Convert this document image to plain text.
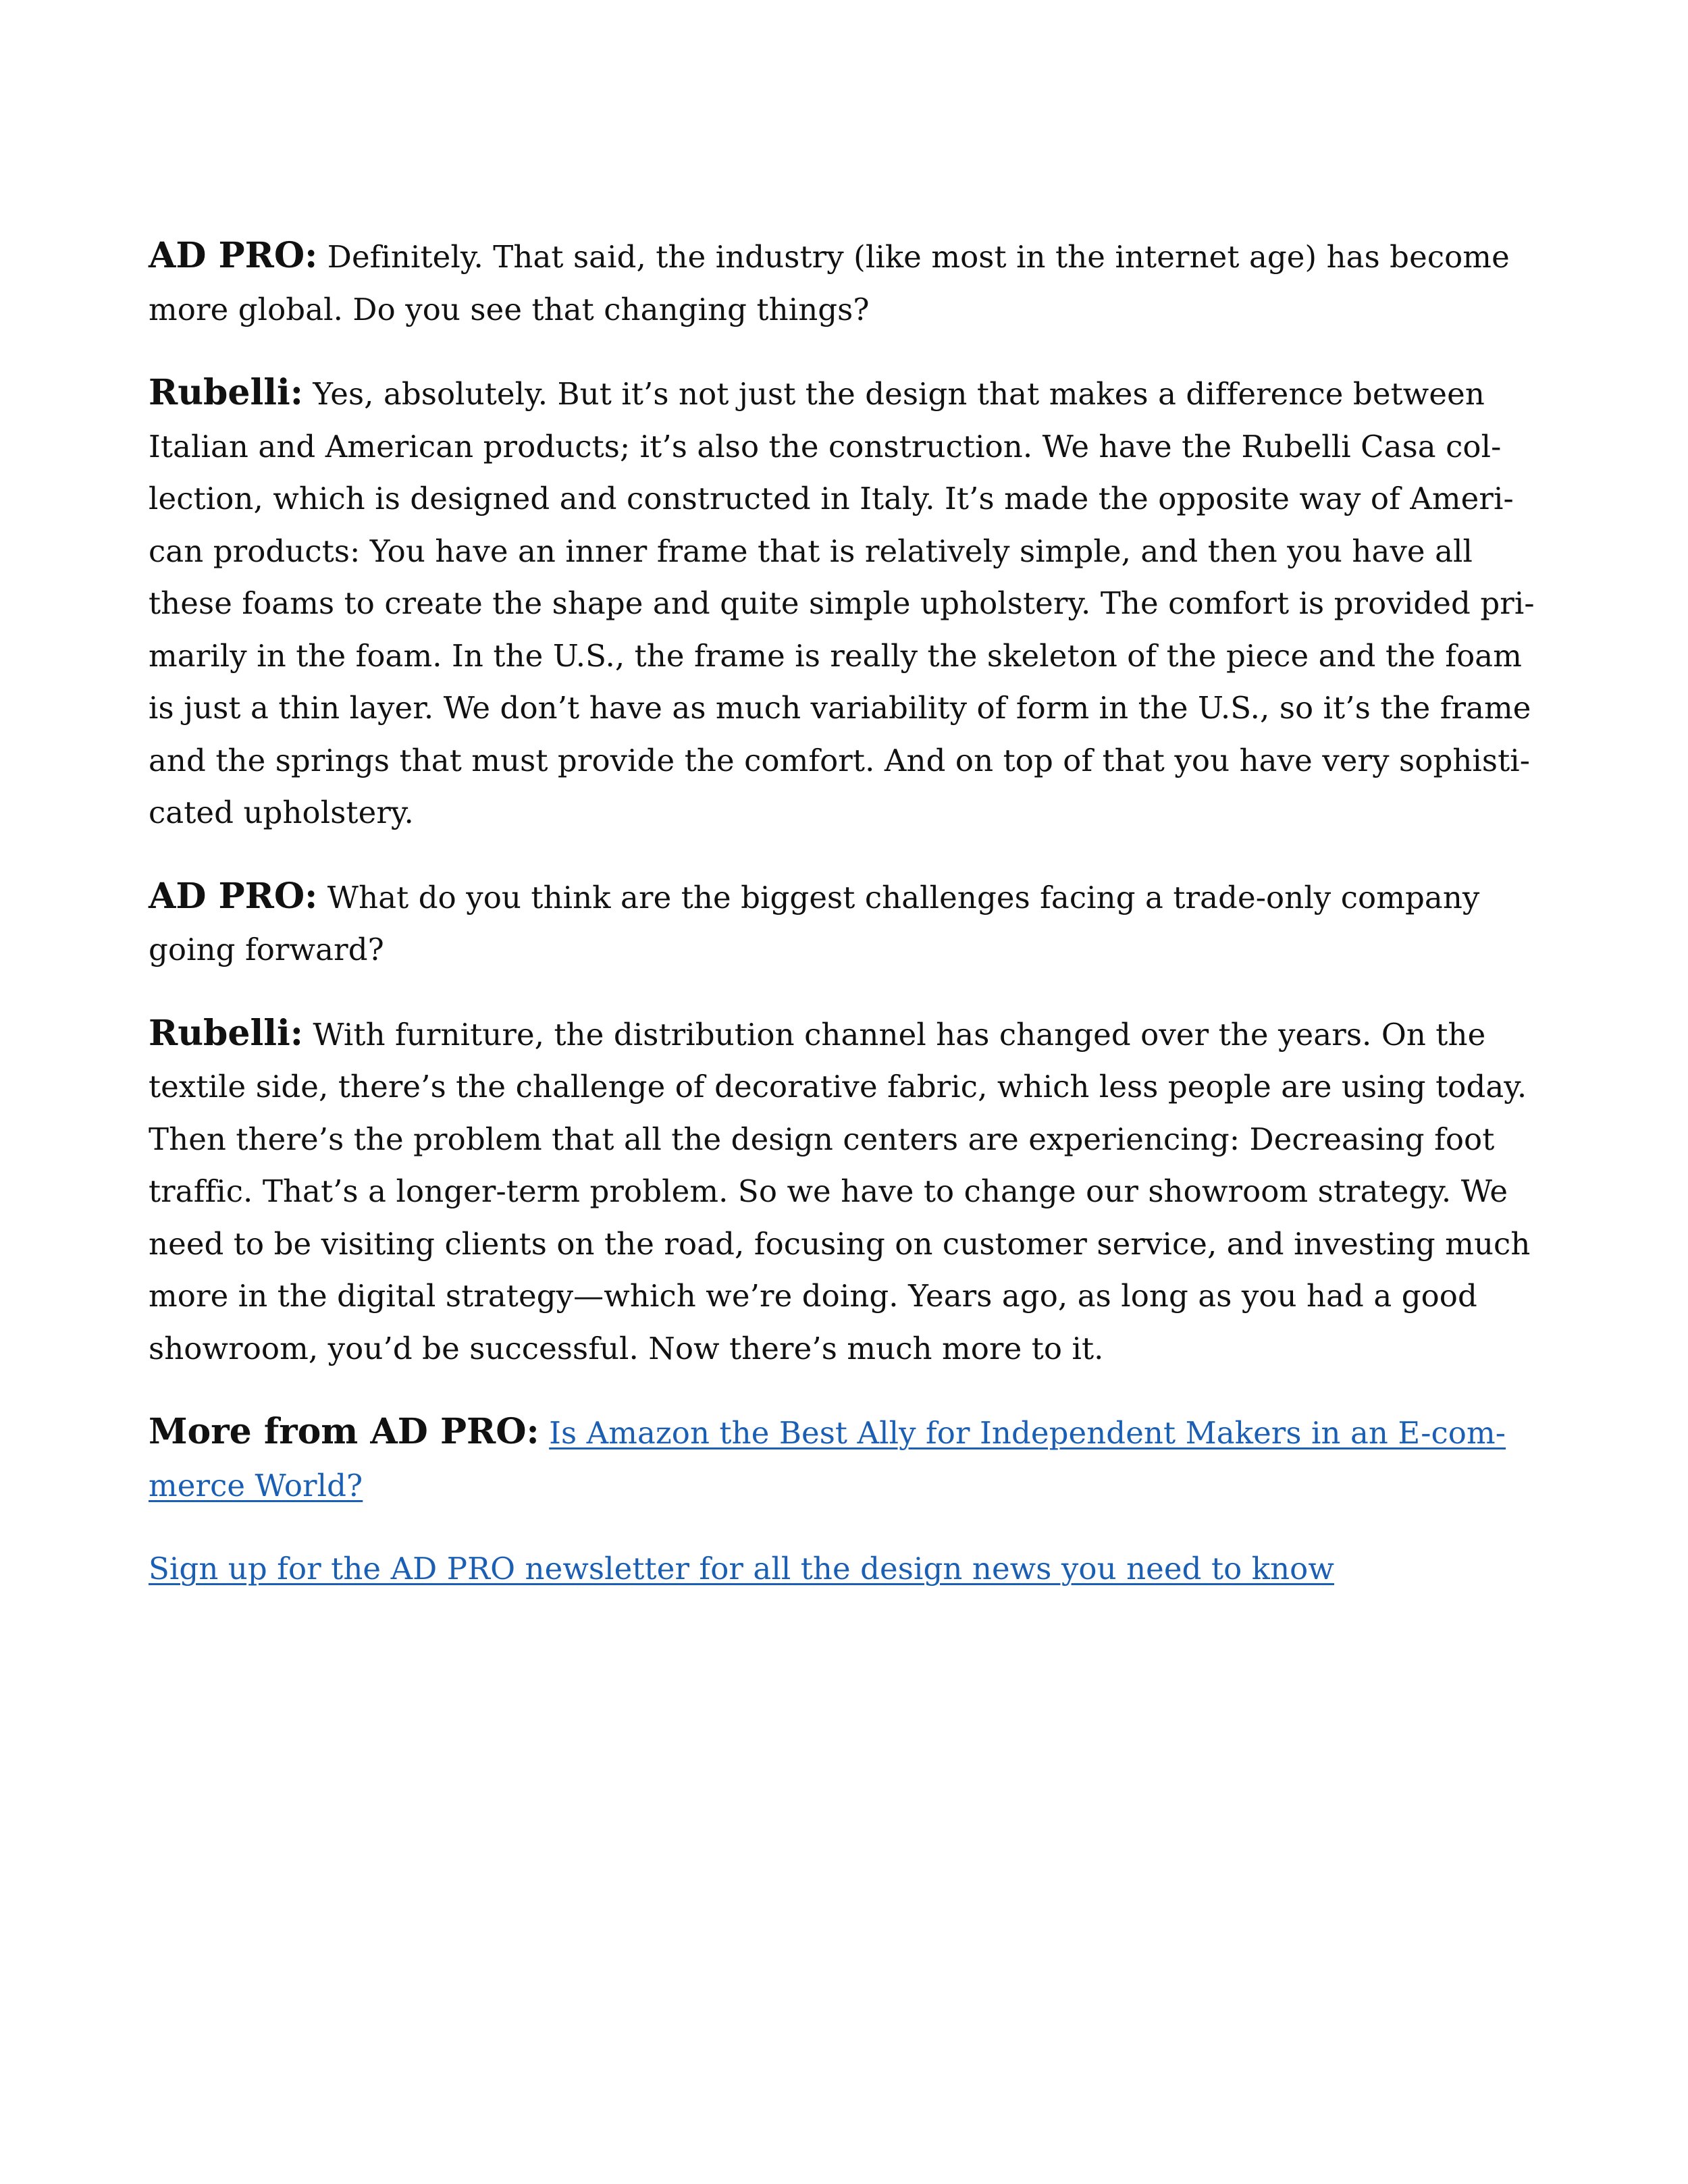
AD PRO: Definitely. That said, the industry (like most in the internet age) has become
more global. Do you see that changing things?

Rubelli: Yes, absolutely. But it’s not just the design that makes a difference between
Italian and American products; it’s also the construction. We have the Rubelli Casa col-
lection, which is designed and constructed in Italy. It’s made the opposite way of Ameri-
can products: You have an inner frame that is relatively simple, and then you have all
these foams to create the shape and quite simple upholstery. The comfort is provided pri-
marily in the foam. In the U.S., the frame is really the skeleton of the piece and the foam
is just a thin layer. We don’t have as much variability of form in the U.S., so it’s the frame
and the springs that must provide the comfort. And on top of that you have very sophisti-
cated upholstery.

AD PRO: What do you think are the biggest challenges facing a trade-only company
going forward?

Rubelli: With furniture, the distribution channel has changed over the years. On the
textile side, there’s the challenge of decorative fabric, which less people are using today.
Then there’s the problem that all the design centers are experiencing: Decreasing foot
traffic. That’s a longer-term problem. So we have to change our showroom strategy. We
need to be visiting clients on the road, focusing on customer service, and investing much
more in the digital strategy—which we’re doing. Years ago, as long as you had a good
showroom, you’d be successful. Now there’s much more to it.

More from AD PRO: Is Amazon the Best Ally for Independent Makers in an E-com-
merce World?

Sign up for the AD PRO newsletter for all the design news you need to know
